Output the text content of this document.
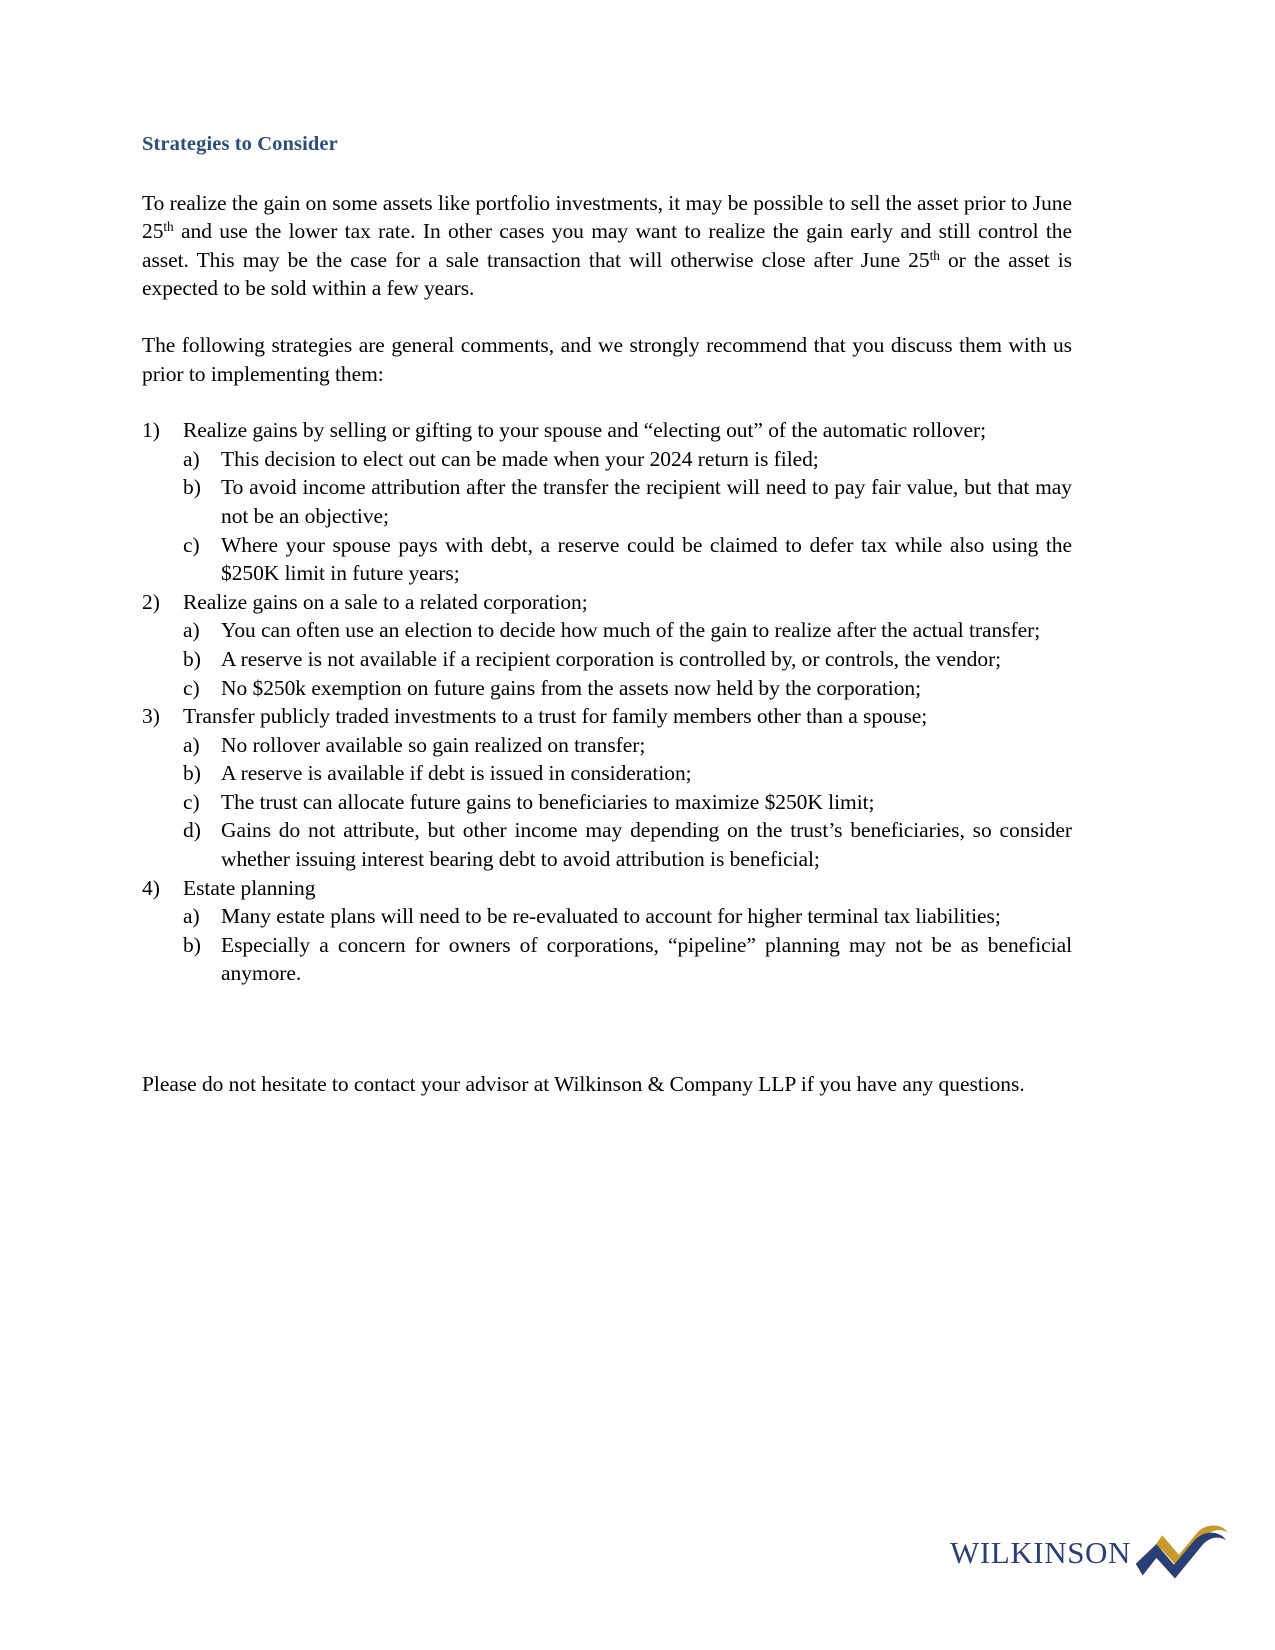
Strategies to Consider

To realize the gain on some assets like portfolio investments, it may be possible to sell the asset prior to June 25th and use the lower tax rate. In other cases you may want to realize the gain early and still control the asset. This may be the case for a sale transaction that will otherwise close after June 25th or the asset is expected to be sold within a few years.

The following strategies are general comments, and we strongly recommend that you discuss them with us prior to implementing them:

1)	Realize gains by selling or gifting to your spouse and “electing out” of the automatic rollover;
a) This decision to elect out can be made when your 2024 return is filed;
b) To avoid income attribution after the transfer the recipient will need to pay fair value, but that may not be an objective;
c) Where your spouse pays with debt, a reserve could be claimed to defer tax while also using the $250K limit in future years;
2)	Realize gains on a sale to a related corporation;
a) You can often use an election to decide how much of the gain to realize after the actual transfer;
b) A reserve is not available if a recipient corporation is controlled by, or controls, the vendor;
c) No $250k exemption on future gains from the assets now held by the corporation;
3)	Transfer publicly traded investments to a trust for family members other than a spouse;
a) No rollover available so gain realized on transfer;
b) A reserve is available if debt is issued in consideration;
c) The trust can allocate future gains to beneficiaries to maximize $250K limit;
d) Gains do not attribute, but other income may depending on the trust’s beneficiaries, so consider whether issuing interest bearing debt to avoid attribution is beneficial;
4)	Estate planning
a) Many estate plans will need to be re-evaluated to account for higher terminal tax liabilities;
b) Especially a concern for owners of corporations, “pipeline” planning may not be as beneficial anymore.

Please do not hesitate to contact your advisor at Wilkinson & Company LLP if you have any questions.

WILKINSON
